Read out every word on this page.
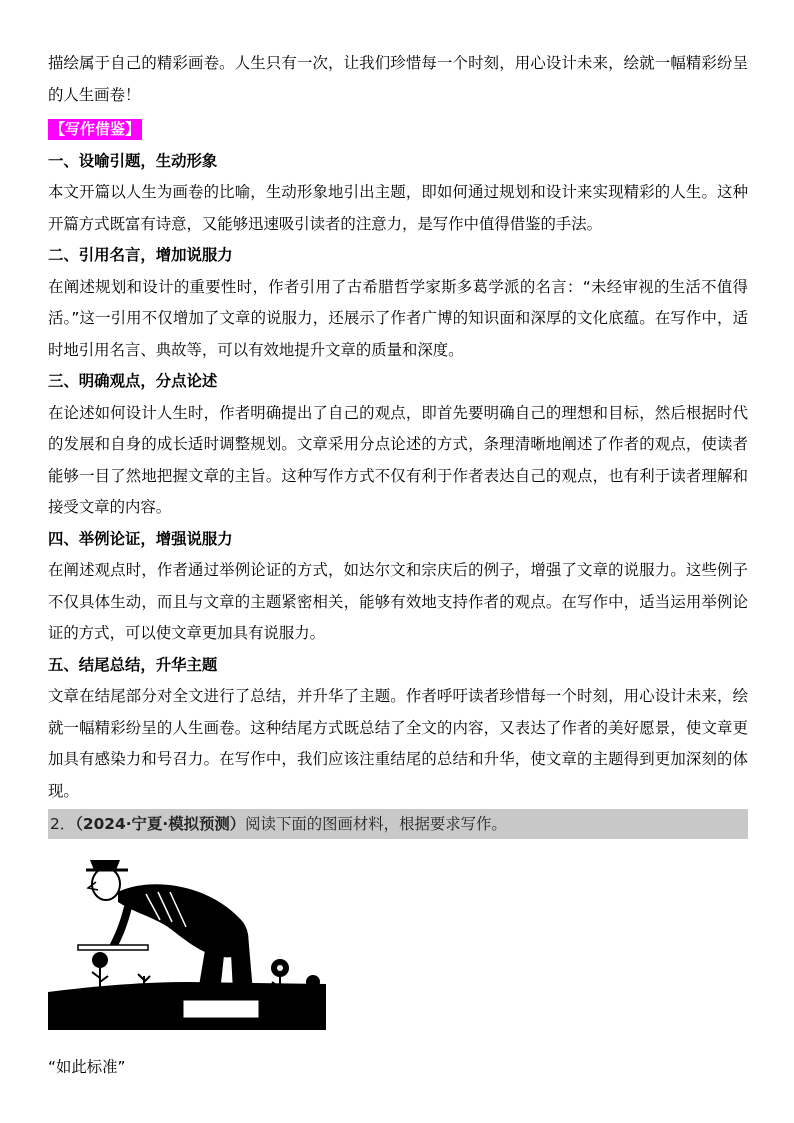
描绘属于自己的精彩画卷。人生只有一次，让我们珍惜每一个时刻，用心设计未来，绘就一幅精彩纷呈的人生画卷！

【写作借鉴】

一、设喻引题，生动形象

本文开篇以人生为画卷的比喻，生动形象地引出主题，即如何通过规划和设计来实现精彩的人生。这种开篇方式既富有诗意，又能够迅速吸引读者的注意力，是写作中值得借鉴的手法。

二、引用名言，增加说服力

在阐述规划和设计的重要性时，作者引用了古希腊哲学家斯多葛学派的名言：“未经审视的生活不值得活。”这一引用不仅增加了文章的说服力，还展示了作者广博的知识面和深厚的文化底蕴。在写作中，适时地引用名言、典故等，可以有效地提升文章的质量和深度。

三、明确观点，分点论述

在论述如何设计人生时，作者明确提出了自己的观点，即首先要明确自己的理想和目标，然后根据时代的发展和自身的成长适时调整规划。文章采用分点论述的方式，条理清晰地阐述了作者的观点，使读者能够一目了然地把握文章的主旨。这种写作方式不仅有利于作者表达自己的观点，也有利于读者理解和接受文章的内容。

四、举例论证，增强说服力

在阐述观点时，作者通过举例论证的方式，如达尔文和宗庆后的例子，增强了文章的说服力。这些例子不仅具体生动，而且与文章的主题紧密相关，能够有效地支持作者的观点。在写作中，适当运用举例论证的方式，可以使文章更加具有说服力。

五、结尾总结，升华主题

文章在结尾部分对全文进行了总结，并升华了主题。作者呼吁读者珍惜每一个时刻，用心设计未来，绘就一幅精彩纷呈的人生画卷。这种结尾方式既总结了全文的内容，又表达了作者的美好愿景，使文章更加具有感染力和号召力。在写作中，我们应该注重结尾的总结和升华，使文章的主题得到更加深刻的体现。

2．（2024·宁夏·模拟预测）阅读下面的图画材料，根据要求写作。

“如此标准”
